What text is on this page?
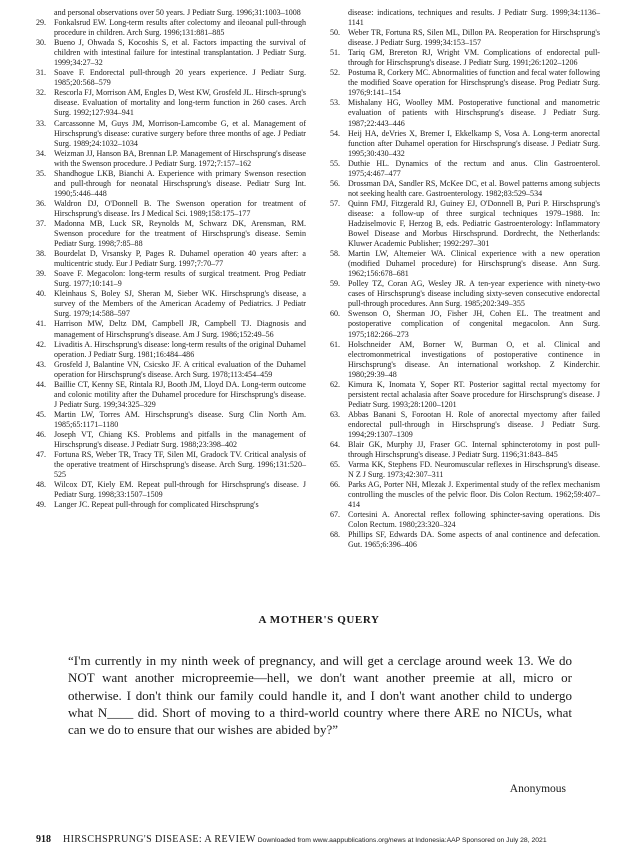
and personal observations over 50 years. J Pediatr Surg. 1996;31:1003–1008
29. Fonkalsrud EW. Long-term results after colectomy and ileoanal pull-through procedure in children. Arch Surg. 1996;131:881–885
30. Bueno J, Ohwada S, Kocoshis S, et al. Factors impacting the survival of children with intestinal failure for intestinal transplantation. J Pediatr Surg. 1999;34:27–32
31. Soave F. Endorectal pull-through 20 years experience. J Pediatr Surg. 1985;20:568–579
32. Rescorla FJ, Morrison AM, Engles D, West KW, Grosfeld JL. Hirsch-sprung's disease. Evaluation of mortality and long-term function in 260 cases. Arch Surg. 1992;127:934–941
33. Carcassonne M, Guys JM, Morrison-Lamcombe G, et al. Management of Hirschsprung's disease: curative surgery before three months of age. J Pediatr Surg. 1989;24:1032–1034
34. Weizman JJ, Hanson BA, Brennan LP. Management of Hirschsprung's disease with the Swenson procedure. J Pediatr Surg. 1972;7:157–162
35. Shandhogue LKB, Bianchi A. Experience with primary Swenson resection and pull-through for neonatal Hirschsprung's disease. Pediatr Surg Int. 1990;5:446–448
36. Waldron DJ, O'Donnell B. The Swenson operation for treatment of Hirschsprung's disease. Irs J Medical Sci. 1989;158:175–177
37. Madonna MB, Luck SR, Reynolds M, Schwarz DK, Arensman, RM. Swenson procedure for the treatment of Hirschsprung's disease. Semin Pediatr Surg. 1998;7:85–88
38. Bourdelat D, Vrsansky P, Pages R. Duhamel operation 40 years after: a multicentric study. Eur J Pediatr Surg. 1997;7:70–77
39. Soave F. Megacolon: long-term results of surgical treatment. Prog Pediatr Surg. 1977;10:141–9
40. Kleinhaus S, Boley SJ, Sheran M, Sieber WK. Hirschsprung's disease, a survey of the Members of the American Academy of Pediatrics. J Pediatr Surg. 1979;14:588–597
41. Harrison MW, Deltz DM, Campbell JR, Campbell TJ. Diagnosis and management of Hirschsprung's disease. Am J Surg. 1986;152:49–56
42. Livaditis A. Hirschsprung's disease: long-term results of the original Duhamel operation. J Pediatr Surg. 1981;16:484–486
43. Grosfeld J, Balantine VN, Csicsko JF. A critical evaluation of the Duhamel operation for Hirschsprung's disease. Arch Surg. 1978;113:454–459
44. Baillie CT, Kenny SE, Rintala RJ, Booth JM, Lloyd DA. Long-term outcome and colonic motility after the Duhamel procedure for Hirschsprung's disease. J Pediatr Surg. 199;34:325–329
45. Martin LW, Torres AM. Hirschsprung's disease. Surg Clin North Am. 1985;65:1171–1180
46. Joseph VT, Chiang KS. Problems and pitfalls in the management of Hirschsprung's disease. J Pediatr Surg. 1988;23:398–402
47. Fortuna RS, Weber TR, Tracy TF, Silen MI, Gradock TV. Critical analysis of the operative treatment of Hirschsprung's disease. Arch Surg. 1996;131:520–525
48. Wilcox DT, Kiely EM. Repeat pull-through for Hirschsprung's disease. J Pediatr Surg. 1998;33:1507–1509
49. Langer JC. Repeat pull-through for complicated Hirschsprung's
disease: indications, techniques and results. J Pediatr Surg. 1999;34:1136–1141
50. Weber TR, Fortuna RS, Silen ML, Dillon PA. Reoperation for Hirschsprung's disease. J Pediatr Surg. 1999;34:153–157
51. Tariq GM, Brereton RJ, Wright VM. Complications of endorectal pull-through for Hirschsprung's disease. J Pediatr Surg. 1991;26:1202–1206
52. Postuma R, Corkery MC. Abnormalities of function and fecal water following the modified Soave operation for Hirschsprung's disease. Prog Pediatr Surg. 1976;9:141–154
53. Mishalany HG, Woolley MM. Postoperative functional and manometric evaluation of patients with Hirschsprung's disease. J Pediatr Surg. 1987;22:443–446
54. Heij HA, deVries X, Bremer I, Ekkelkamp S, Vosa A. Long-term anorectal function after Duhamel operation for Hirschsprung's disease. J Pediatr Surg. 1995;30:430–432
55. Duthie HL. Dynamics of the rectum and anus. Clin Gastroenterol. 1975;4:467–477
56. Drossman DA, Sandler RS, McKee DC, et al. Bowel patterns among subjects not seeking health care. Gastroenterology. 1982;83:529–534
57. Quinn FMJ, Fitzgerald RJ, Guiney EJ, O'Donnell B, Puri P. Hirschsprung's disease: a follow-up of three surgical techniques 1979–1988. In: Hadziselmovic F, Herzog B, eds. Pediatric Gastroenterology: Inflammatory Bowel Disease and Morbus Hirschsprund. Dordrecht, the Netherlands: Kluwer Academic Publisher; 1992:297–301
58. Martin LW, Altemeier WA. Clinical experience with a new operation (modified Duhamel procedure) for Hirschsprung's disease. Ann Surg. 1962;156:678–681
59. Polley TZ, Coran AG, Wesley JR. A ten-year experience with ninety-two cases of Hirschsprung's disease including sixty-seven consecutive endorectal pull-through procedures. Ann Surg. 1985;202:349–355
60. Swenson O, Sherman JO, Fisher JH, Cohen EL. The treatment and postoperative complication of congenital megacolon. Ann Surg. 1975;182:266–273
61. Holschneider AM, Borner W, Burman O, et al. Clinical and electromonmetrical investigations of postoperative continence in Hirschsprung's disease. An international workshop. Z Kinderchir. 1980;29:39–48
62. Kimura K, Inomata Y, Soper RT. Posterior sagittal rectal myectomy for persistent rectal achalasia after Soave procedure for Hirschsprung's disease. J Pediatr Surg. 1993;28:1200–1201
63. Abbas Banani S, Forootan H. Role of anorectal myectomy after failed endorectal pull-through in Hirschsprung's disease. J Pediatr Surg. 1994;29:1307–1309
64. Blair GK, Murphy JJ, Fraser GC. Internal sphincterotomy in post pull-through Hirschsprung's disease. J Pediatr Surg. 1196;31:843–845
65. Varma KK, Stephens FD. Neuromuscular reflexes in Hirschsprung's disease. N Z J Surg. 1973;42:307–311
66. Parks AG, Porter NH, Mlezak J. Experimental study of the reflex mechanism controlling the muscles of the pelvic floor. Dis Colon Rectum. 1962;59:407–414
67. Cortesini A. Anorectal reflex following sphincter-saving operations. Dis Colon Rectum. 1980;23:320–324
68. Phillips SF, Edwards DA. Some aspects of anal continence and defecation. Gut. 1965;6:396–406
A MOTHER'S QUERY

“I'm currently in my ninth week of pregnancy, and will get a cerclage around week 13. We do NOT want another micropreemie—hell, we don't want another preemie at all, micro or otherwise. I don't think our family could handle it, and I don't want another child to undergo what N____ did. Short of moving to a third-world country where there ARE no NICUs, what can we do to ensure that our wishes are abided by?”

Anonymous
918 HIRSCHSPRUNG'S DISEASE: A REVIEW Downloaded from www.aappublications.org/news at Indonesia:AAP Sponsored on July 28, 2021
